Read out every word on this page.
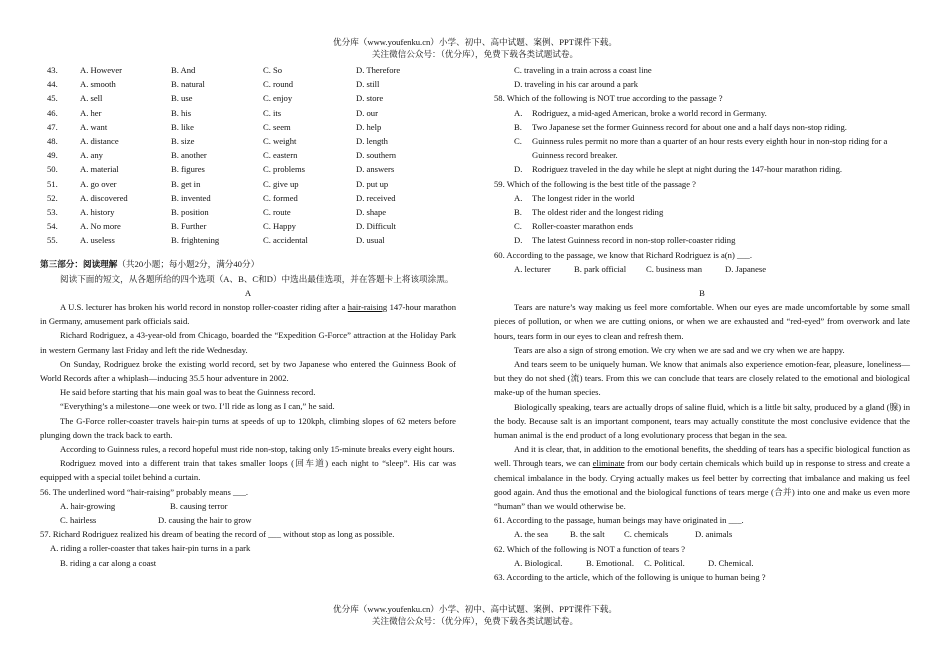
优分库（www.youfenku.cn）小学、初中、高中试题、案例、PPT课件下载。
关注微信公众号：（优分库），免费下载各类试题试卷。
43.	A. However	B. And	C. So	D. Therefore
44.	A. smooth	B. natural	C. round	D. still
45.	A. sell	B. use	C. enjoy	D. store
46.	A. her	B. his	C. its	D. our
47.	A. want	B. like	C. seem	D. help
48.	A. distance	B. size	C. weight	D. length
49.	A. any	B. another	C. eastern	D. southern
50.	A. material	B. figures	C. problems	D. answers
51.	A. go over	B. get in	C. give up	D. put up
52.	A. discovered	B. invented	C. formed	D. received
53.	A. history	B. position	C. route	D. shape
54.	A. No more	B. Further	C. Happy	D. Difficult
55.	A. useless	B. frightening	C. accidental	D. usual

第三部分：阅读理解（共20小题；每小题2分，满分40分）

阅读下面的短文，从各题所给的四个选项（A、B、C和D）中选出最佳选项，并在答题卡上将该项涂黑。

A

A U.S. lecturer has broken his world record in nonstop roller-coaster riding after a hair-raising 147-hour marathon in Germany, amusement park officials said.

Richard Rodriguez, a 43-year-old from Chicago, boarded the “Expedition G-Force” attraction at the Holiday Park in western Germany last Friday and left the ride Wednesday.

On Sunday, Rodriguez broke the existing world record, set by two Japanese who entered the Guinness Book of World Records after a whiplash—inducing 35.5 hour adventure in 2002.

He said before starting that his main goal was to beat the Guinness record.

“Everything’s a milestone—one week or two. I’ll ride as long as I can,” he said.

The G-Force roller-coaster travels hair-pin turns at speeds of up to 120kph, climbing slopes of 62 meters before plunging down the track back to earth.

According to Guinness rules, a record hopeful must ride non-stop, taking only 15-minute breaks every eight hours.

Rodriguez moved into a different train that takes smaller loops (回车道) each night to “sleep”. His car was equipped with a special toilet behind a curtain.

56. The underlined word “hair-raising” probably means ___.

A. hair-growing	B. causing terror
C. hairless	D. causing the hair to grow

57. Richard Rodriguez realized his dream of beating the record of ___ without stop as long as possible.

A. riding a roller-coaster that takes hair-pin turns in a park

B. riding a car along a coast

C. traveling in a train across a coast line

D. traveling in his car around a park

58. Which of the following is NOT true according to the passage ?

A.	Rodriguez, a mid-aged American, broke a world record in Germany.
B.	Two Japanese set the former Guinness record for about one and a half days non-stop riding.
C.	Guinness rules permit no more than a quarter of an hour rests every eighth hour in non-stop riding for a Guinness record breaker.
D.	Rodriguez traveled in the day while he slept at night during the 147-hour marathon riding.

59. Which of the following is the best title of the passage ?

A.	The longest rider in the world
B.	The oldest rider and the longest riding
C.	Roller-coaster marathon ends
D.	The latest Guinness record in non-stop roller-coaster riding

60. According to the passage, we know that Richard Rodriguez is a(n) ___.

A. lecturer	B. park official C. business man	D. Japanese

B

Tears are nature’s way making us feel more comfortable. When our eyes are made uncomfortable by some small pieces of pollution, or when we are cutting onions, or when we are exhausted and “red-eyed” from overwork and late hours, tears form in our eyes to clean and refresh them.

Tears are also a sign of strong emotion. We cry when we are sad and we cry when we are happy.

And tears seem to be uniquely human. We know that animals also experience emotion-fear, pleasure, loneliness—but they do not shed (流) tears. From this we can conclude that tears are closely related to the emotional and biological make-up of the human species.

Biologically speaking, tears are actually drops of saline fluid, which is a little bit salty, produced by a gland (腺) in the body. Because salt is an important component, tears may actually constitute the most conclusive evidence that the human animal is the end product of a long evolutionary process that began in the sea.

And it is clear, that, in addition to the emotional benefits, the shedding of tears has a specific biological function as well. Through tears, we can eliminate from our body certain chemicals which build up in response to stress and create a chemical imbalance in the body. Crying actually makes us feel better by correcting that imbalance and making us feel good again. And thus the emotional and the biological functions of tears merge (合并) into one and make us even more “human” than we would otherwise be.

61. According to the passage, human beings may have originated in ___.

A. the sea	B. the salt C. chemicals	D. animals

62. Which of the following is NOT a function of tears ?

A. Biological.	B. Emotional. C. Political.	D. Chemical.

63. According to the article, which of the following is unique to human being ?

优分库（www.youfenku.cn）小学、初中、高中试题、案例、PPT课件下载。
关注微信公众号：（优分库），免费下载各类试题试卷。
